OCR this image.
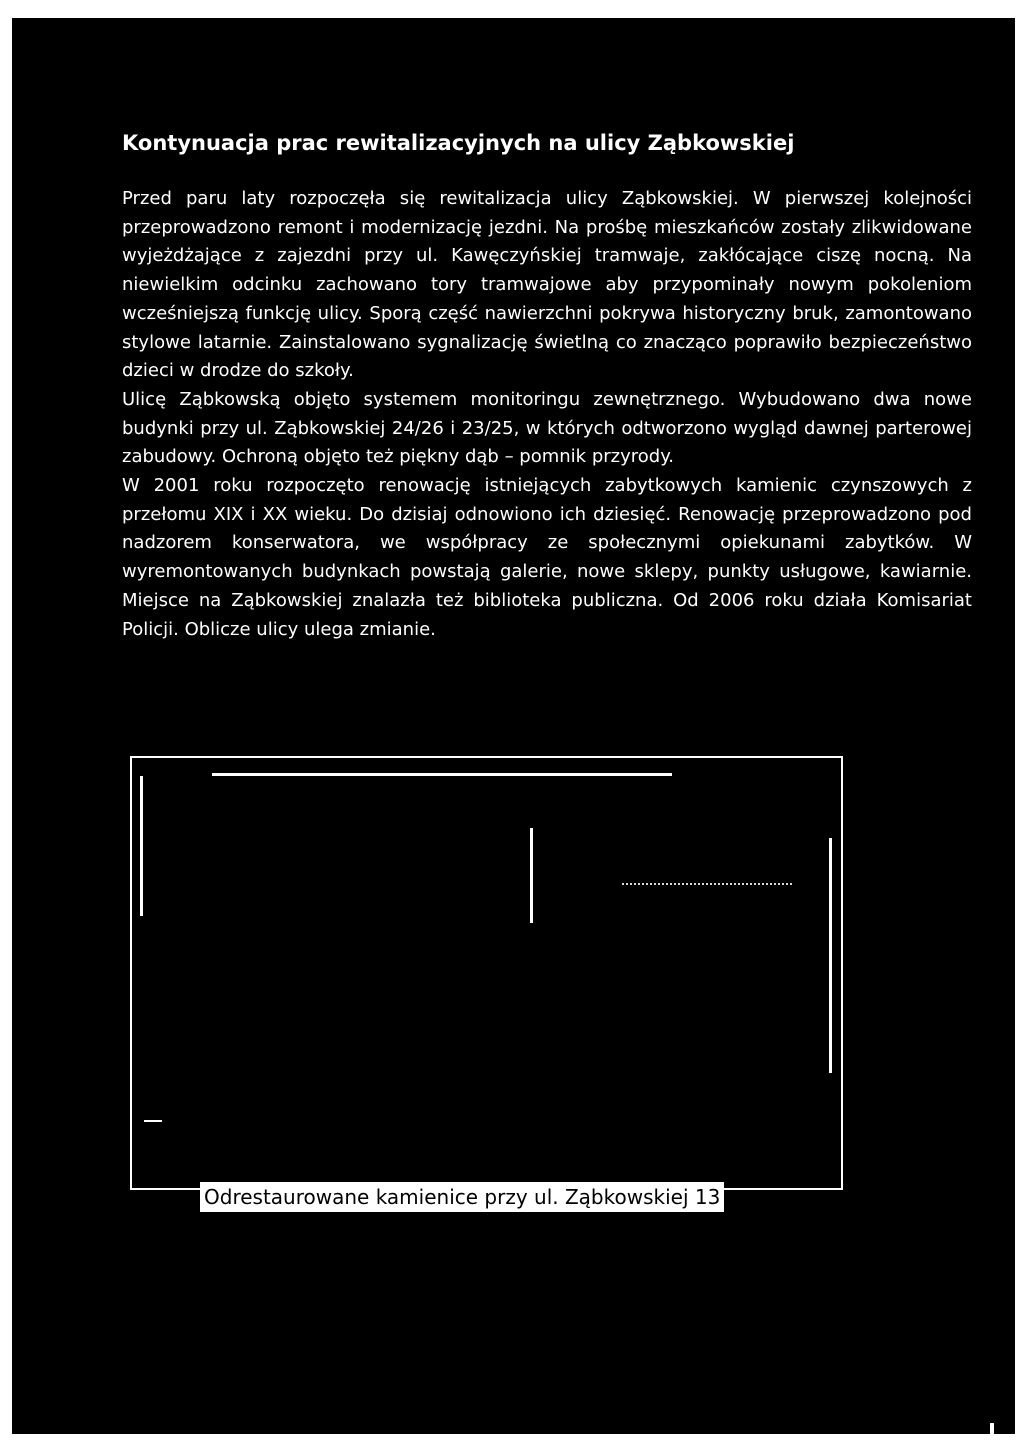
Kontynuacja prac rewitalizacyjnych na ulicy Ząbkowskiej

Przed paru laty rozpoczęła się rewitalizacja ulicy Ząbkowskiej. W pierwszej kolejności przeprowadzono remont i modernizację jezdni. Na prośbę mieszkańców zostały zlikwidowane wyjeżdżające z zajezdni przy ul. Kawęczyńskiej tramwaje, zakłócające ciszę nocną. Na niewielkim odcinku zachowano tory tramwajowe aby przypominały nowym pokoleniom wcześniejszą funkcję ulicy. Sporą część nawierzchni pokrywa historyczny bruk, zamontowano stylowe latarnie. Zainstalowano sygnalizację świetlną co znacząco poprawiło bezpieczeństwo dzieci w drodze do szkoły.

Ulicę Ząbkowską objęto systemem monitoringu zewnętrznego. Wybudowano dwa nowe budynki przy ul. Ząbkowskiej 24/26 i 23/25, w których odtworzono wygląd dawnej parterowej zabudowy. Ochroną objęto też piękny dąb – pomnik przyrody.

W 2001 roku rozpoczęto renowację istniejących zabytkowych kamienic czynszowych z przełomu XIX i XX wieku. Do dzisiaj odnowiono ich dziesięć. Renowację przeprowadzono pod nadzorem konserwatora, we współpracy ze społecznymi opiekunami zabytków. W wyremontowanych budynkach powstają galerie, nowe sklepy, punkty usługowe, kawiarnie. Miejsce na Ząbkowskiej znalazła też biblioteka publiczna. Od 2006 roku działa Komisariat Policji. Oblicze ulicy ulega zmianie.

Odrestaurowane kamienice przy ul. Ząbkowskiej 13
